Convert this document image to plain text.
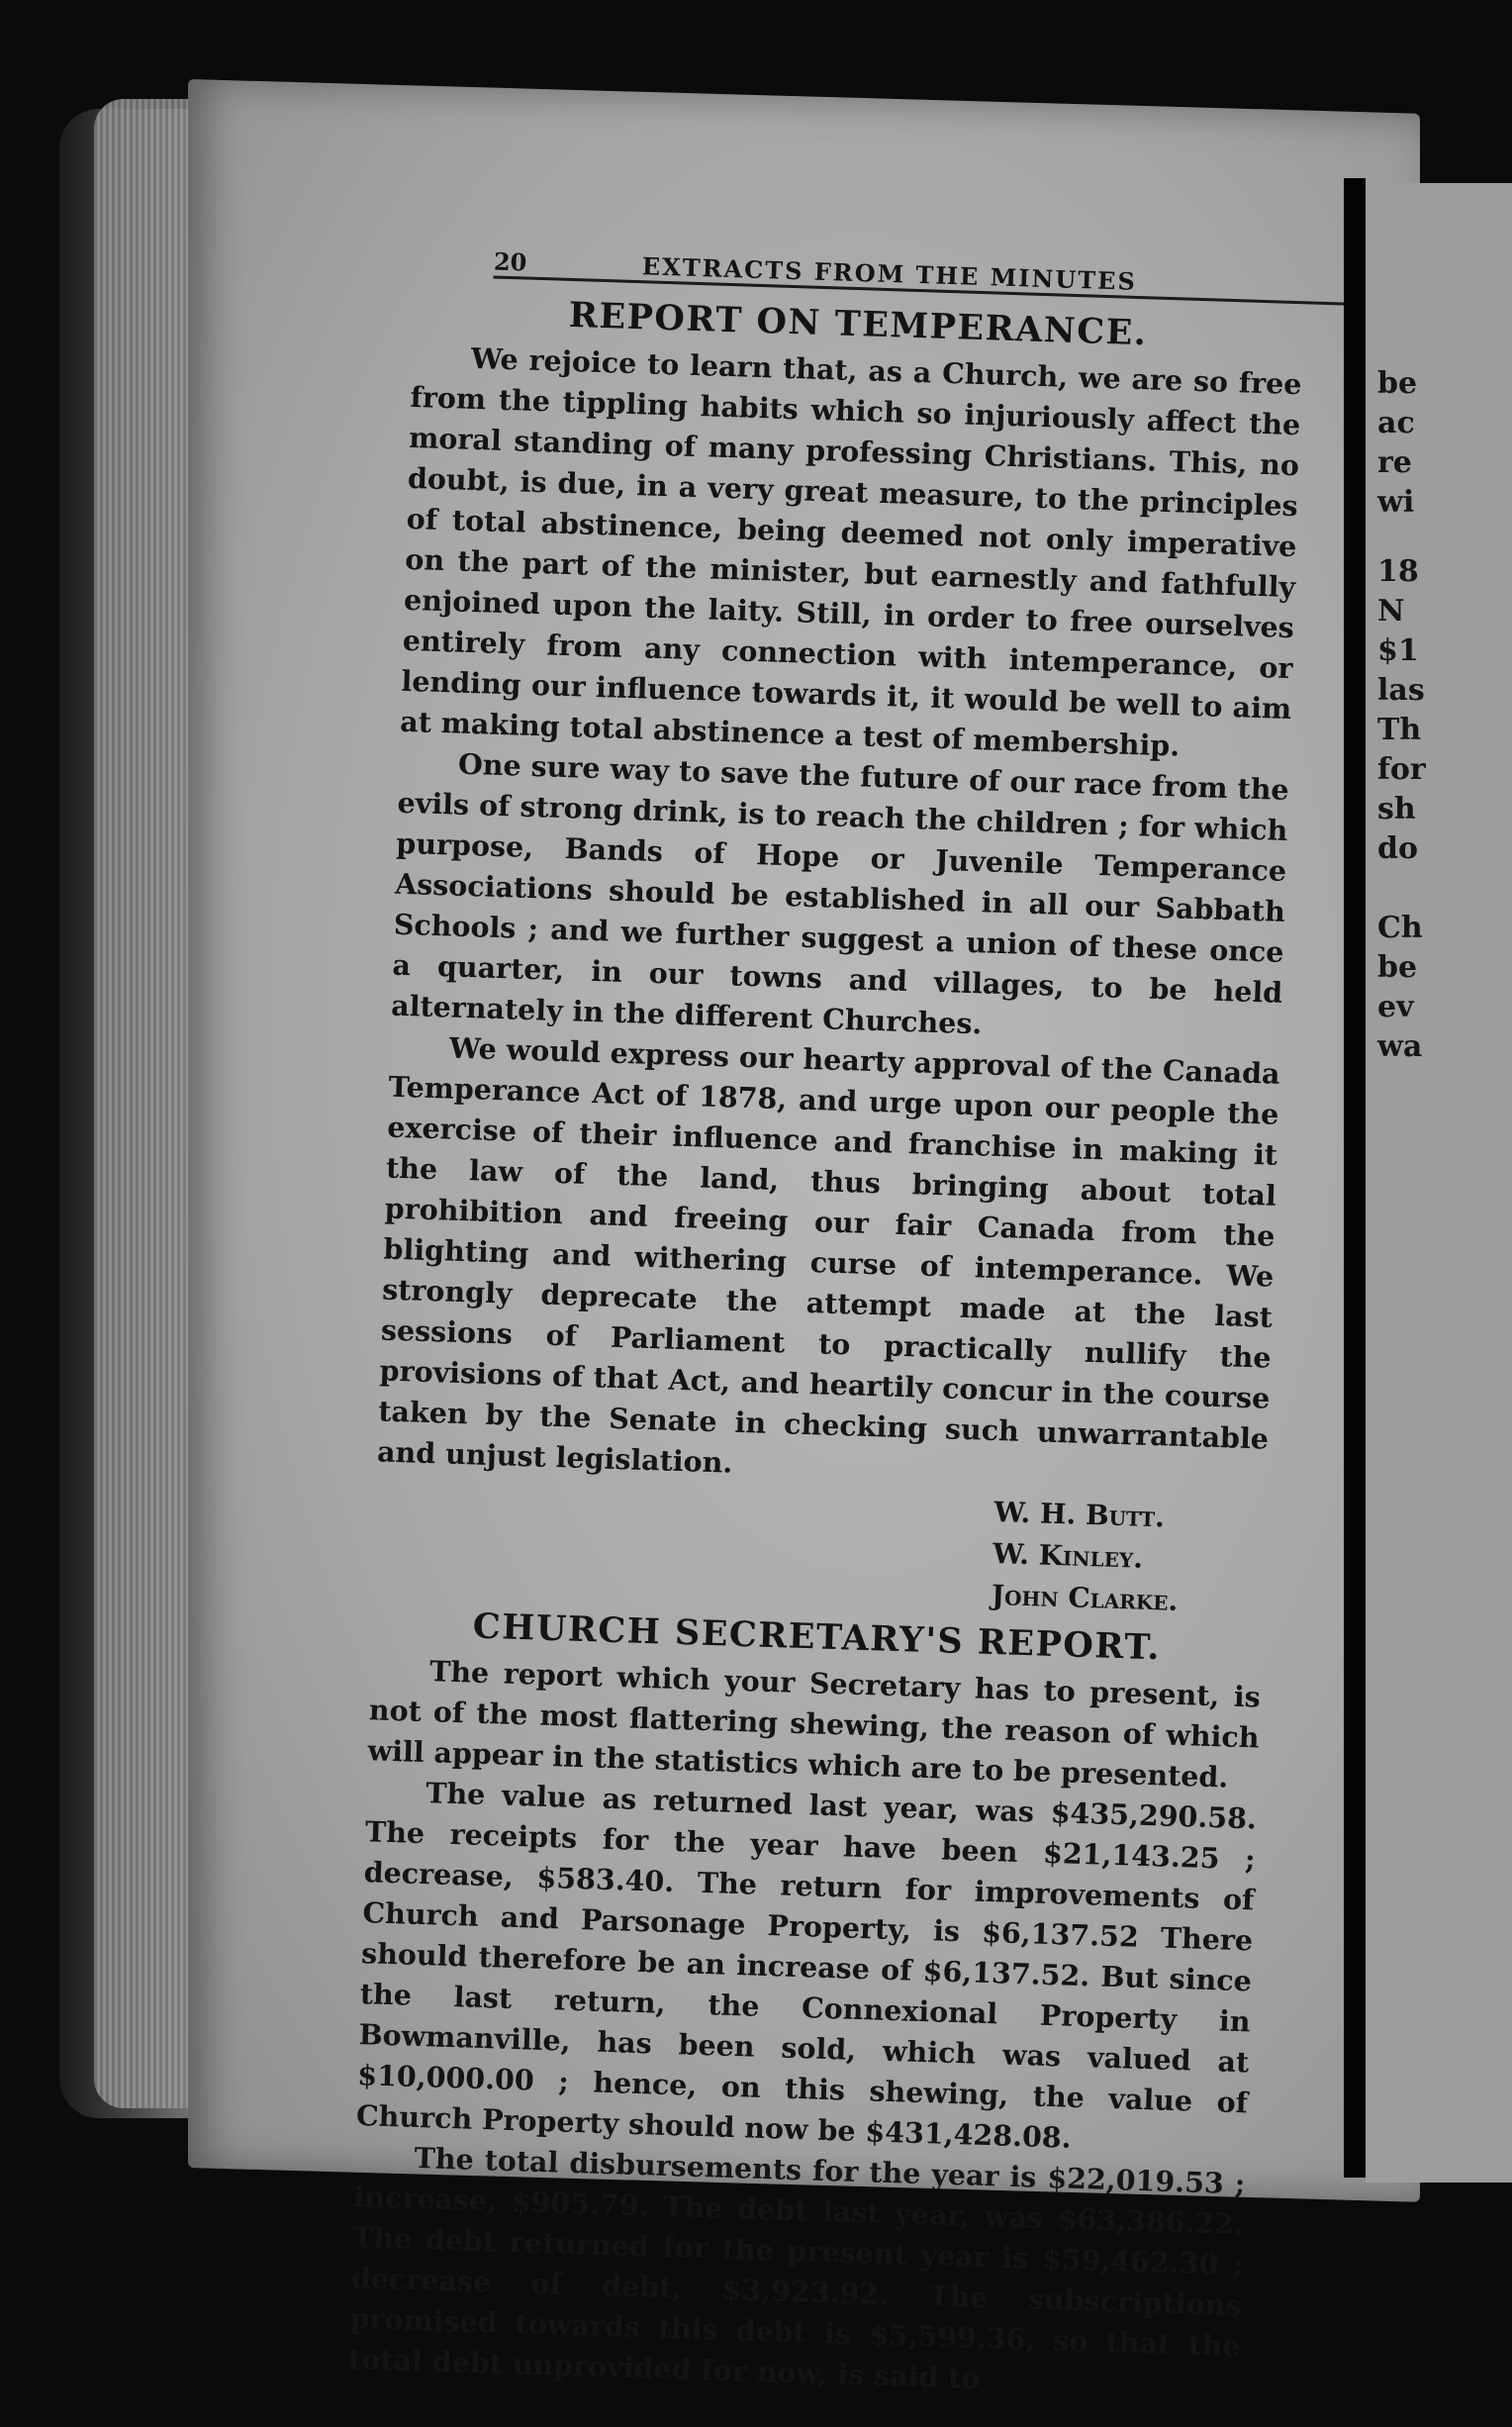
be
ac
re
wi
18
N
$1
las
Th
for
sh
do
Ch
be
ev
wa
20	EXTRACTS FROM THE MINUTES
REPORT ON TEMPERANCE.

We rejoice to learn that, as a Church, we are so free from the tippling habits which so injuriously affect the moral standing of many professing Christians. This, no doubt, is due, in a very great measure, to the principles of total abstinence, being deemed not only imperative on the part of the minister, but earnestly and fathfully enjoined upon the laity. Still, in order to free ourselves entirely from any connection with intemperance, or lending our influence towards it, it would be well to aim at making total abstinence a test of membership.

One sure way to save the future of our race from the evils of strong drink, is to reach the children ; for which purpose, Bands of Hope or Juvenile Temperance Associations should be established in all our Sabbath Schools ; and we further suggest a union of these once a quarter, in our towns and villages, to be held alternately in the different Churches.

We would express our hearty approval of the Canada Temperance Act of 1878, and urge upon our people the exercise of their influence and franchise in making it the law of the land, thus bringing about total prohibition and freeing our fair Canada from the blighting and withering curse of intemperance. We strongly deprecate the attempt made at the last sessions of Parliament to practically nullify the provisions of that Act, and heartily concur in the course taken by the Senate in checking such unwarrantable and unjust legislation.

W. H. Butt.
W. Kinley.
John Clarke.
CHURCH SECRETARY'S REPORT.

The report which your Secretary has to present, is not of the most flattering shewing, the reason of which will appear in the statistics which are to be presented.

The value as returned last year, was $435,290.58. The receipts for the year have been $21,143.25 ; decrease, $583.40. The return for improvements of Church and Parsonage Property, is $6,137.52 There should therefore be an increase of $6,137.52. But since the last return, the Connexional Property in Bowmanville, has been sold, which was valued at $10,000.00 ; hence, on this shewing, the value of Church Property should now be $431,428.08.

The total disbursements for the year is $22,019.53 ; increase, $905.79. The debt last year, was $63,386.22. The debt returned for the present year is $59,462.30 ; decrease of debt, $3,923.92. The subscriptions promised towards this debt is $5,599.36, so that the total debt unprovided for now, is said to
